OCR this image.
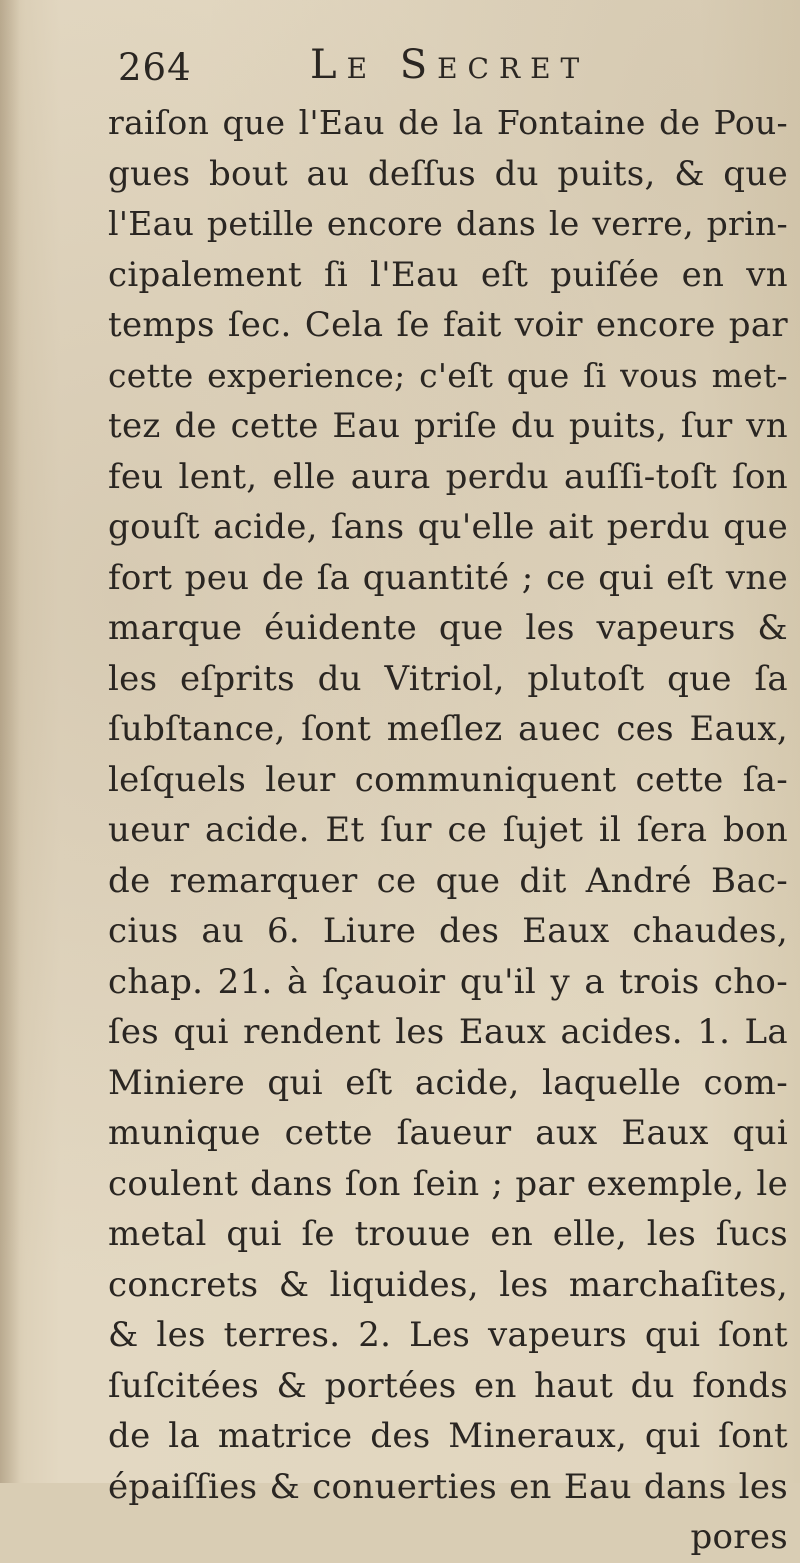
264	Le Secret
raiſon que l'Eau de la Fontaine de Pou-
gues bout au deſſus du puits, & que
l'Eau petille encore dans le verre, prin-
cipalement ſi l'Eau eſt puiſée en vn
temps ſec. Cela ſe fait voir encore par
cette experience; c'eſt que ſi vous met-
tez de cette Eau priſe du puits, ſur vn
feu lent, elle aura perdu auſſi-toſt ſon
gouſt acide, ſans qu'elle ait perdu que
fort peu de ſa quantité ; ce qui eſt vne
marque éuidente que les vapeurs &
les eſprits du Vitriol, plutoſt que ſa
ſubſtance, ſont meſlez auec ces Eaux,
leſquels leur communiquent cette ſa-
ueur acide. Et ſur ce ſujet il ſera bon
de remarquer ce que dit André Bac-
cius au 6. Liure des Eaux chaudes,
chap. 21. à ſçauoir qu'il y a trois cho-
ſes qui rendent les Eaux acides. 1. La
Miniere qui eſt acide, laquelle com-
munique cette ſaueur aux Eaux qui
coulent dans ſon ſein ; par exemple, le
metal qui ſe trouue en elle, les ſucs
concrets & liquides, les marchaſites,
& les terres. 2. Les vapeurs qui ſont
ſuſcitées & portées en haut du fonds
de la matrice des Mineraux, qui ſont
épaiſſies & conuerties en Eau dans les
pores
